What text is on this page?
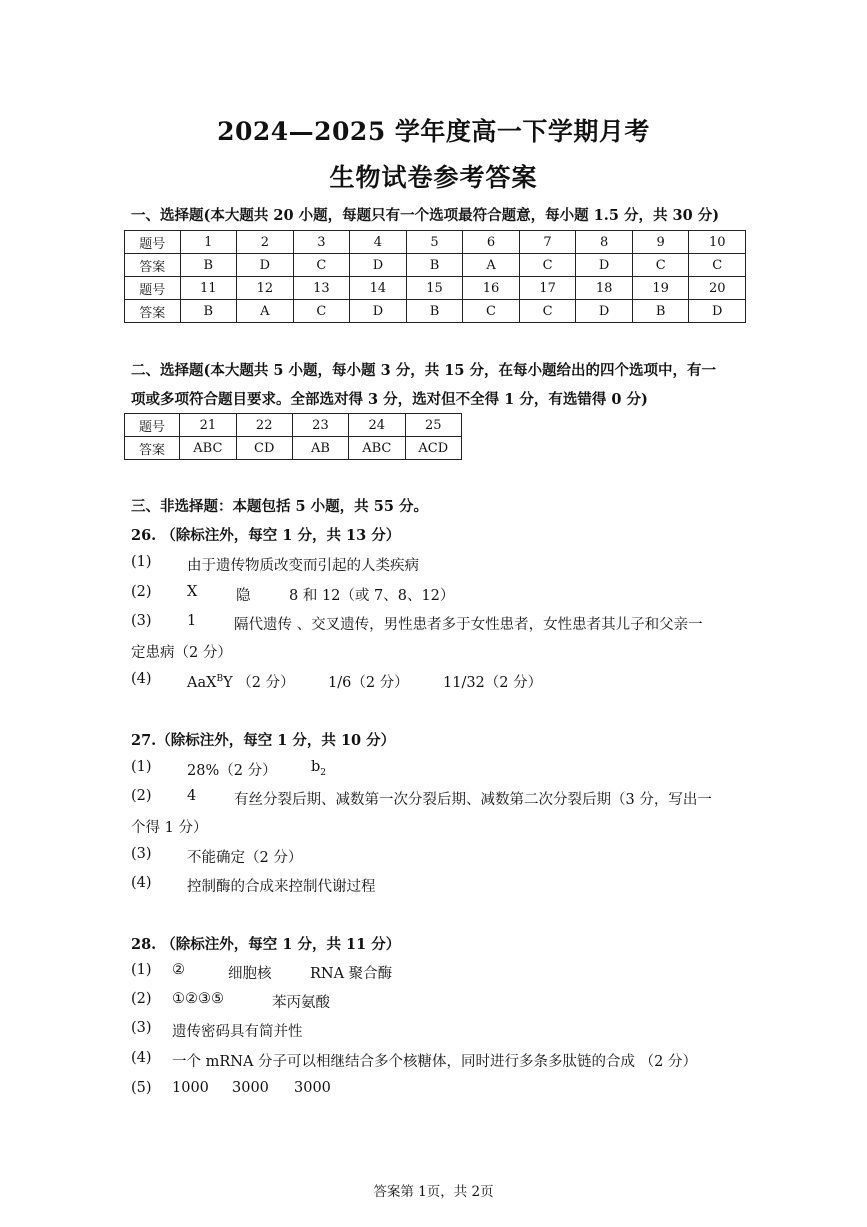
2024—2025 学年度高一下学期月考
生物试卷参考答案
一、选择题(本大题共 20 小题，每题只有一个选项最符合题意，每小题 1.5 分，共 30 分)
题号	1	2	3	4	5	6	7	8	9	10
答案	B	D	C	D	B	A	C	D	C	C
题号	11	12	13	14	15	16	17	18	19	20
答案	B	A	C	D	B	C	C	D	B	D
二、选择题(本大题共 5 小题，每小题 3 分，共 15 分，在每小题给出的四个选项中，有一
项或多项符合题目要求。全部选对得 3 分，选对但不全得 1 分，有选错得 0 分)
题号	21	22	23	24	25
答案	ABC	CD	AB	ABC	ACD
三、非选择题：本题包括 5 小题，共 55 分。
26. （除标注外，每空 1 分，共 13 分）
(1) 由于遗传物质改变而引起的人类疾病
(2) X	隐	8 和 12（或 7、8、12）
(3) 1	隔代遗传 、交叉遗传，男性患者多于女性患者，女性患者其儿子和父亲一
定患病（2 分）
(4) AaX$^B$Y （2 分） 1/6（2 分） 11/32（2 分）
27.（除标注外，每空 1 分，共 10 分）
(1) 28%（2 分） $b_2$
(2) 4	有丝分裂后期、减数第一次分裂后期、减数第二次分裂后期（3 分，写出一
个得 1 分）
(3) 不能确定（2 分）
(4) 控制酶的合成来控制代谢过程
28. （除标注外，每空 1 分，共 11 分）
(1) ②	细胞核	RNA 聚合酶
(2) ①②③⑤	苯丙氨酸
(3) 遗传密码具有简并性
(4) 一个 mRNA 分子可以相继结合多个核糖体，同时进行多条多肽链的合成 （2 分）
(5) 1000 3000 3000
答案第 1页，共 2页
